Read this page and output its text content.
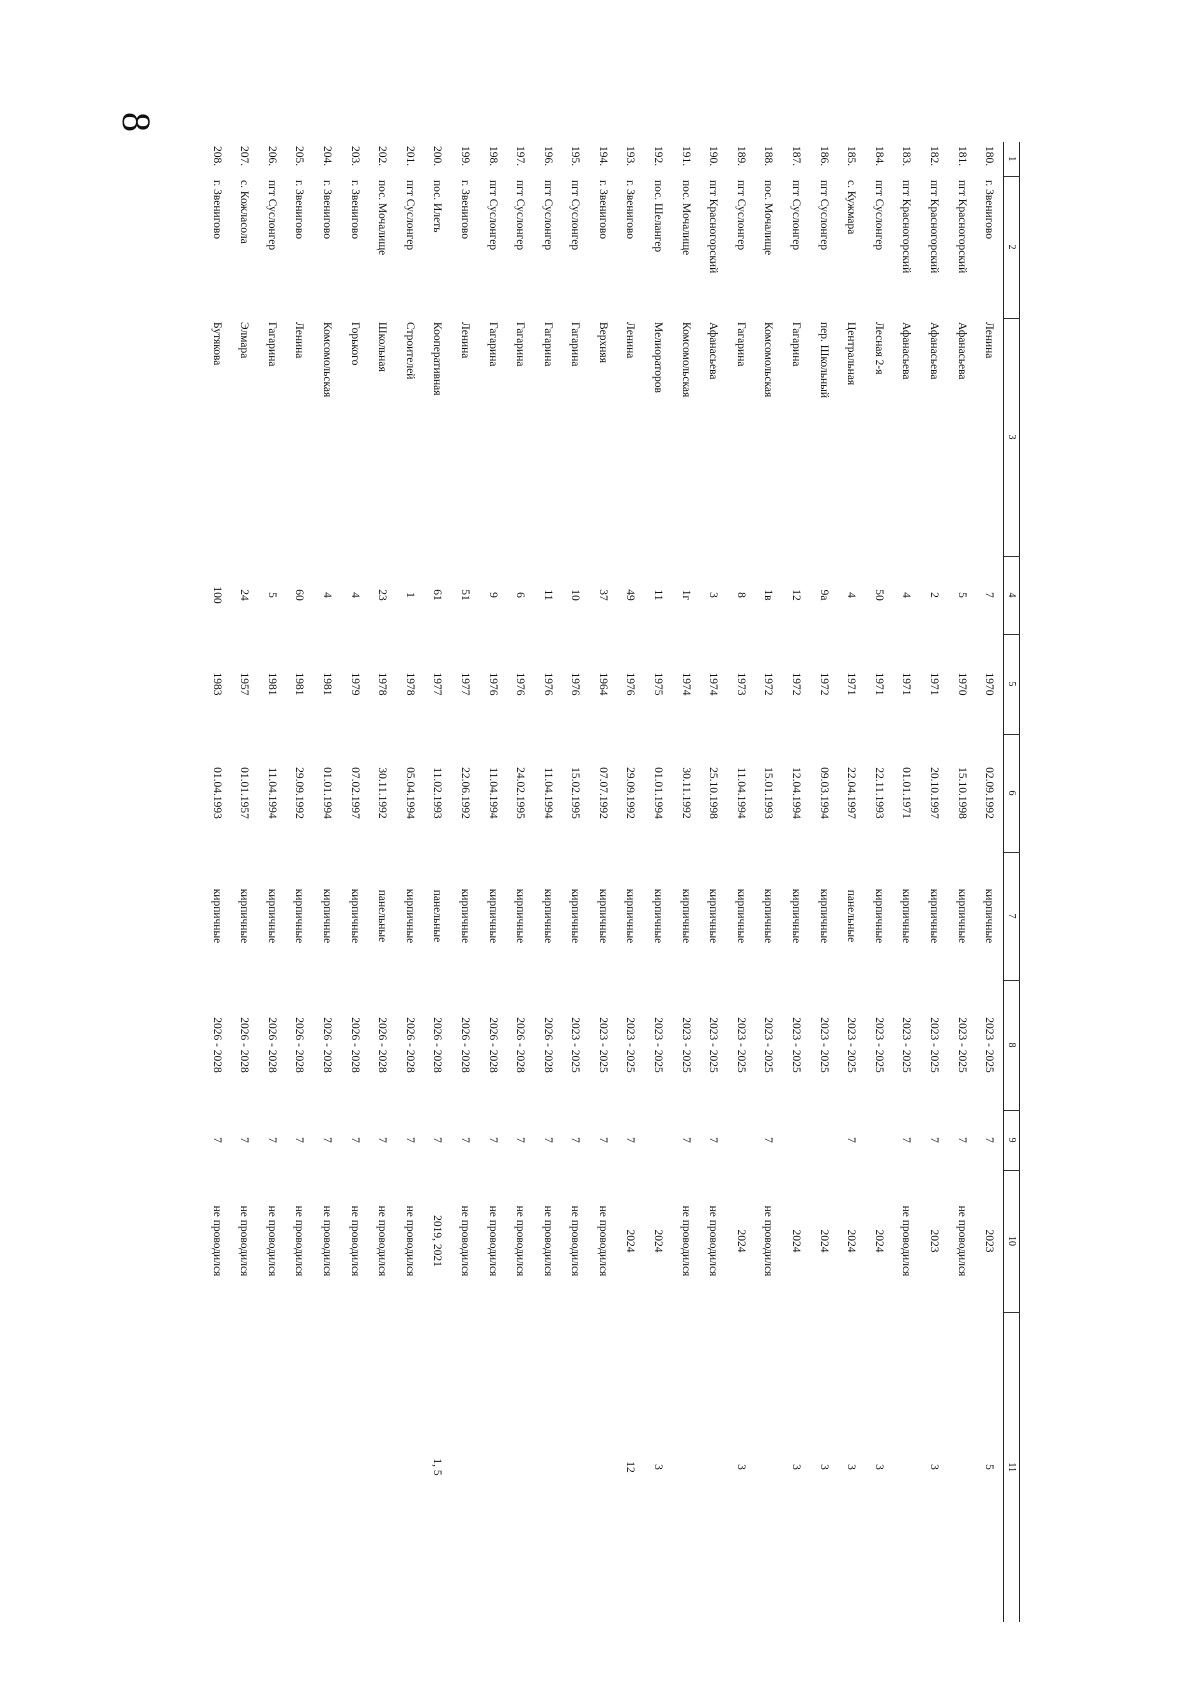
8
1	2	3	4	5	6	7	8	9	10	11
180.	г. Звенигово	Ленина	7	1970	02.09.1992	кирпичные	2023 - 2025	7	2023	5
181.	пгт Красногорский	Афанасьева	5	1970	15.10.1998	кирпичные	2023 - 2025	7	не проводился	
182.	пгт Красногорский	Афанасьева	2	1971	20.10.1997	кирпичные	2023 - 2025	7	2023	3
183.	пгт Красногорский	Афанасьева	4	1971	01.01.1971	кирпичные	2023 - 2025	7	не проводился	
184.	пгт Суслонгер	Лесная 2-я	50	1971	22.11.1993	кирпичные	2023 - 2025		2024	3
185.	с. Кужмара	Центральная	4	1971	22.04.1997	панельные	2023 - 2025	7	2024	3
186.	пгт Суслонгер	пер. Школьный	9а	1972	09.03.1994	кирпичные	2023 - 2025		2024	3
187.	пгт Суслонгер	Гагарина	12	1972	12.04.1994	кирпичные	2023 - 2025		2024	3
188.	пос. Мочалище	Комсомольская	1в	1972	15.01.1993	кирпичные	2023 - 2025	7	не проводился	
189.	пгт Суслонгер	Гагарина	8	1973	11.04.1994	кирпичные	2023 - 2025		2024	3
190.	пгт Красногорский	Афанасьева	3	1974	25.10.1998	кирпичные	2023 - 2025	7	не проводился	
191.	пос. Мочалище	Комсомольская	1г	1974	30.11.1992	кирпичные	2023 - 2025	7	не проводился	
192.	пос. Шелангер	Мелиораторов	11	1975	01.01.1994	кирпичные	2023 - 2025		2024	3
193.	г. Звенигово	Ленина	49	1976	29.09.1992	кирпичные	2023 - 2025	7	2024	12
194.	г. Звенигово	Верхняя	37	1964	07.07.1992	кирпичные	2023 - 2025	7	не проводился	
195.	пгт Суслонгер	Гагарина	10	1976	15.02.1995	кирпичные	2023 - 2025	7	не проводился	
196.	пгт Суслонгер	Гагарина	11	1976	11.04.1994	кирпичные	2026 - 2028	7	не проводился	
197.	пгт Суслонгер	Гагарина	6	1976	24.02.1995	кирпичные	2026 - 2028	7	не проводился	
198.	пгт Суслонгер	Гагарина	9	1976	11.04.1994	кирпичные	2026 - 2028	7	не проводился	
199.	г. Звенигово	Ленина	51	1977	22.06.1992	кирпичные	2026 - 2028	7	не проводился	
200.	пос. Илеть	Кооперативная	61	1977	11.02.1993	панельные	2026 - 2028	7	2019, 2021	1, 5
201.	пгт Суслонгер	Строителей	1	1978	05.04.1994	кирпичные	2026 - 2028	7	не проводился	
202.	пос. Мочалище	Школьная	23	1978	30.11.1992	панельные	2026 - 2028	7	не проводился	
203.	г. Звенигово	Горького	4	1979	07.02.1997	кирпичные	2026 - 2028	7	не проводился	
204.	г. Звенигово	Комсомольская	4	1981	01.01.1994	кирпичные	2026 - 2028	7	не проводился	
205.	г. Звенигово	Ленина	60	1981	29.09.1992	кирпичные	2026 - 2028	7	не проводился	
206.	пгт Суслонгер	Гагарина	5	1981	11.04.1994	кирпичные	2026 - 2028	7	не проводился	
207.	с. Кожласола	Элмара	24	1957	01.01.1957	кирпичные	2026 - 2028	7	не проводился	
208.	г. Звенигово	Бутякова	100	1983	01.04.1993	кирпичные	2026 - 2028	7	не проводился	
